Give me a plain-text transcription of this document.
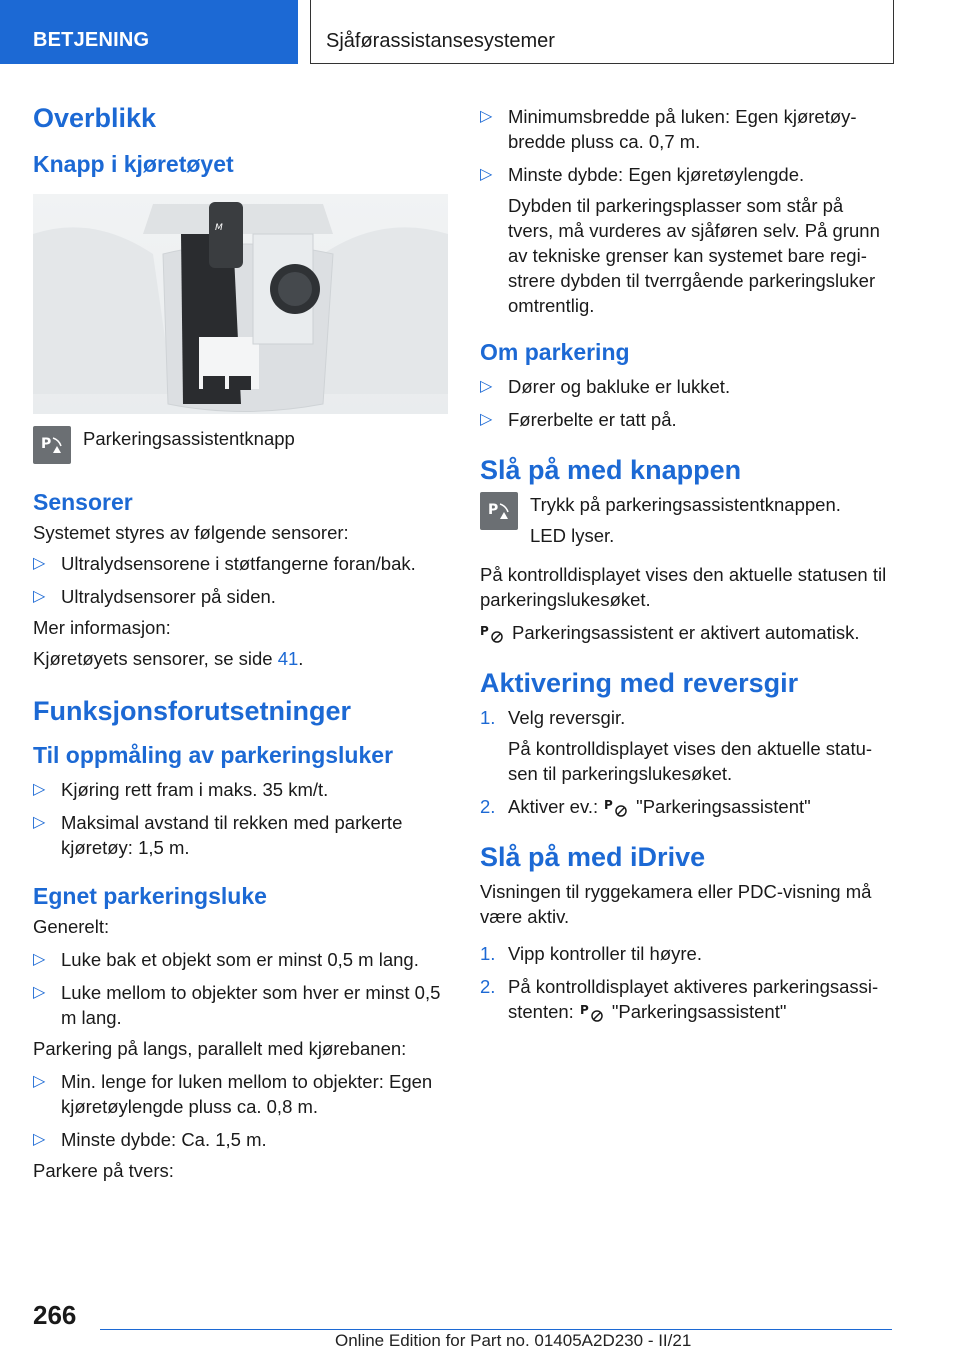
BETJENING	Sjåførassistansesystemer
Overblikk
Knapp i kjøretøyet
M
P	Parkeringsassistentknapp
Sensorer

Systemet styres av følgende sensorer:

▷ Ultralydsensorene i støtfangerne foran/bak.
▷ Ultralydsensorer på siden.

Mer informasjon:

Kjøretøyets sensorer, se side 41.

Funksjonsforutsetninger
Til oppmåling av parkeringsluker
▷ Kjøring rett fram i maks. 35 km/t.
▷ Maksimal avstand til rekken med parkerte kjøretøy: 1,5 m.
Egnet parkeringsluke

Generelt:

▷ Luke bak et objekt som er minst 0,5 m lang.
▷ Luke mellom to objekter som hver er minst 0,5 m lang.

Parkering på langs, parallelt med kjørebanen:

▷ Min. lenge for luken mellom to objekter: Egen kjøretøylengde pluss ca. 0,8 m.
▷ Minste dybde: Ca. 1,5 m.

Parkere på tvers:

▷ Minimumsbredde på luken: Egen kjøretøy-bredde pluss ca. 0,7 m.
▷ Minste dybde: Egen kjøretøylengde.

Dybden til parkeringsplasser som står på tvers, må vurderes av sjåføren selv. På grunn av tekniske grenser kan systemet bare regi-strere dybden til tverrgående parkeringsluker omtrentlig.

Om parkering
▷ Dører og bakluke er lukket.
▷ Førerbelte er tatt på.
Slå på med knappen
P	Trykk på parkeringsassistentknappen.
LED lyser.

På kontrolldisplayet vises den aktuelle statusen til parkeringslukesøket.

P Parkeringsassistent er aktivert automatisk.

Aktivering med reversgir
1. Velg reversgir.

På kontrolldisplayet vises den aktuelle statu-sen til parkeringslukesøket.

2. Aktiver ev.: P "Parkeringsassistent"
Slå på med iDrive

Visningen til ryggekamera eller PDC-visning må være aktiv.

1. Vipp kontroller til høyre.
2. På kontrolldisplayet aktiveres parkeringsassi-stenten: P "Parkeringsassistent"
266
Online Edition for Part no. 01405A2D230 - II/21
